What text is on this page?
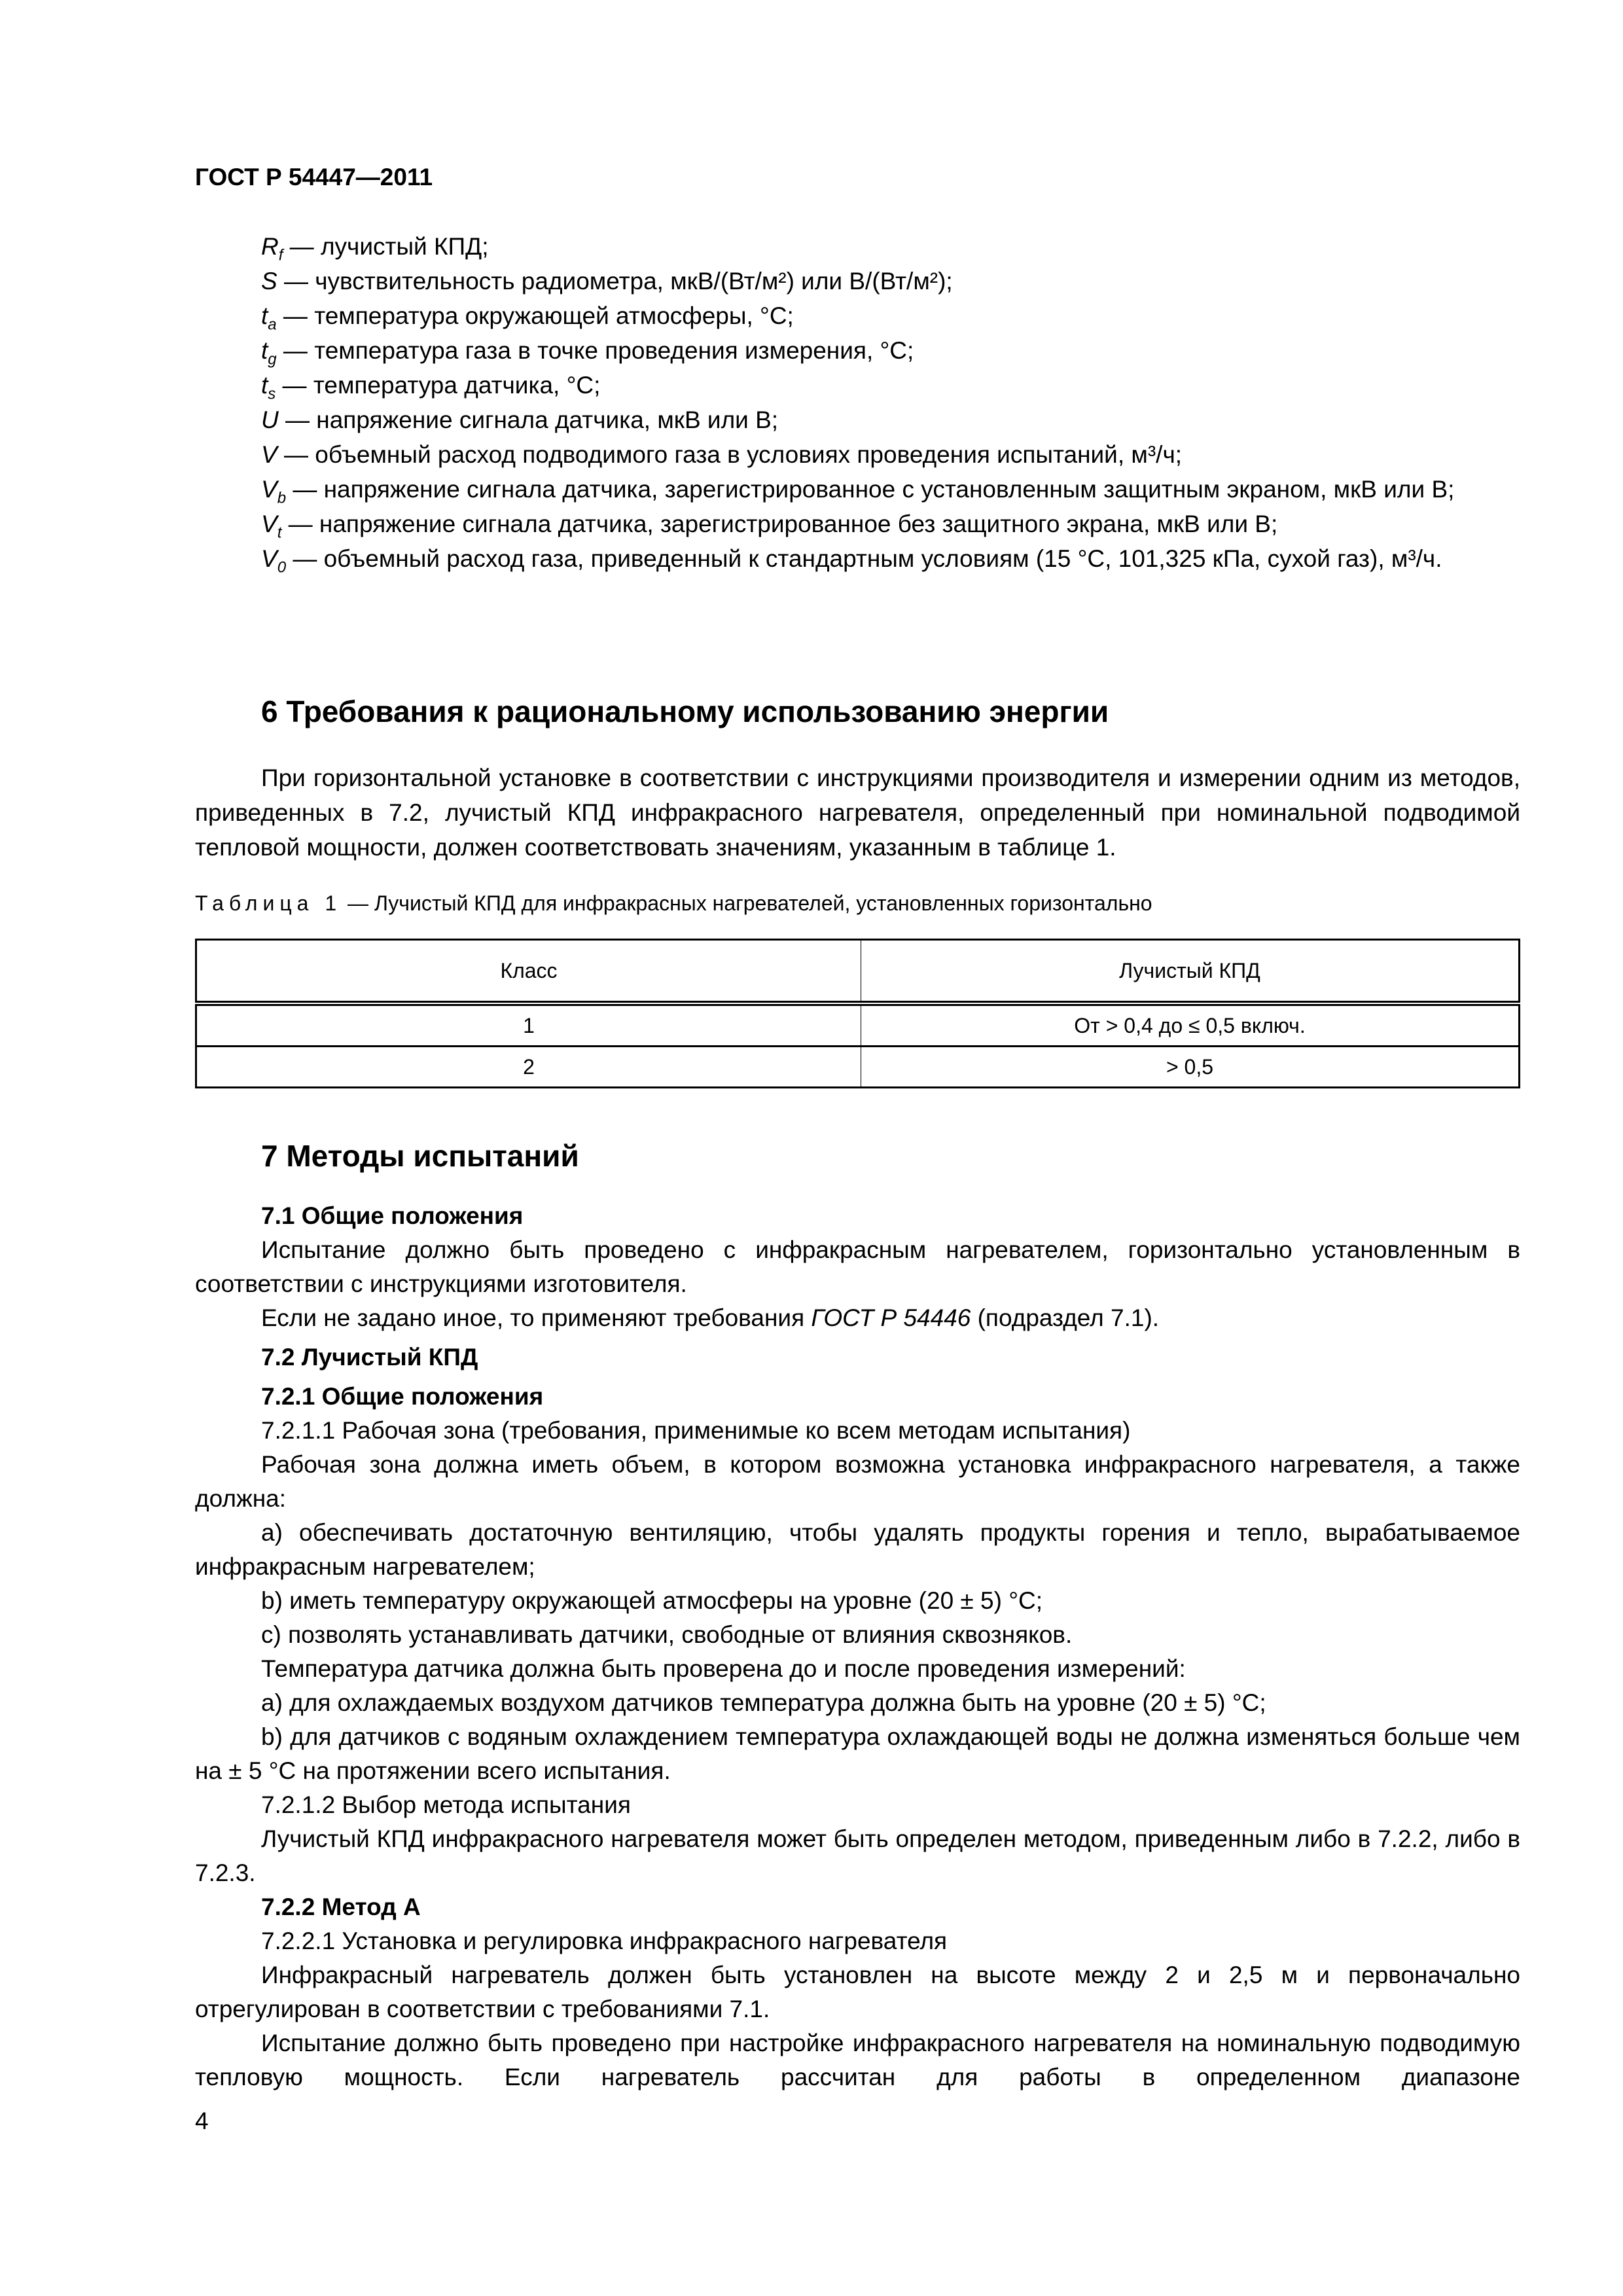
ГОСТ Р 54447—2011

$R_f$ — лучистый КПД;

S — чувствительность радиометра, мкВ/(Вт/м²) или В/(Вт/м²);

$t_a$ — температура окружающей атмосферы, °С;

$t_g$ — температура газа в точке проведения измерения, °С;

$t_s$ — температура датчика, °С;

U — напряжение сигнала датчика, мкВ или В;

V — объемный расход подводимого газа в условиях проведения испытаний, м³/ч;

$V_b$ — напряжение сигнала датчика, зарегистрированное с установленным защитным экраном, мкВ или В;

$V_t$ — напряжение сигнала датчика, зарегистрированное без защитного экрана, мкВ или В;

$V_0$ — объемный расход газа, приведенный к стандартным условиям (15 °С, 101,325 кПа, сухой газ), м³/ч.

6 Требования к рациональному использованию энергии

При горизонтальной установке в соответствии с инструкциями производителя и измерении одним из методов, приведенных в 7.2, лучистый КПД инфракрасного нагревателя, определенный при номинальной подводимой тепловой мощности, должен соответствовать значениям, указанным в таблице 1.

Таблица 1 — Лучистый КПД для инфракрасных нагревателей, установленных горизонтально
Класс	Лучистый КПД
1	От > 0,4 до ≤ 0,5 включ.
2	> 0,5
7 Методы испытаний
7.1 Общие положения

Испытание должно быть проведено с инфракрасным нагревателем, горизонтально установленным в соответствии с инструкциями изготовителя.

Если не задано иное, то применяют требования ГОСТ Р 54446 (подраздел 7.1).

7.2 Лучистый КПД
7.2.1 Общие положения

7.2.1.1 Рабочая зона (требования, применимые ко всем методам испытания)

Рабочая зона должна иметь объем, в котором возможна установка инфракрасного нагревателя, а также должна:

a) обеспечивать достаточную вентиляцию, чтобы удалять продукты горения и тепло, вырабатываемое инфракрасным нагревателем;

b) иметь температуру окружающей атмосферы на уровне (20 ± 5) °С;

c) позволять устанавливать датчики, свободные от влияния сквозняков.

Температура датчика должна быть проверена до и после проведения измерений:

a) для охлаждаемых воздухом датчиков температура должна быть на уровне (20 ± 5) °С;

b) для датчиков с водяным охлаждением температура охлаждающей воды не должна изменяться больше чем на ± 5 °С на протяжении всего испытания.

7.2.1.2 Выбор метода испытания

Лучистый КПД инфракрасного нагревателя может быть определен методом, приведенным либо в 7.2.2, либо в 7.2.3.

7.2.2 Метод А

7.2.2.1 Установка и регулировка инфракрасного нагревателя

Инфракрасный нагреватель должен быть установлен на высоте между 2 и 2,5 м и первоначально отрегулирован в соответствии с требованиями 7.1.

Испытание должно быть проведено при настройке инфракрасного нагревателя на номинальную подводимую тепловую мощность. Если нагреватель рассчитан для работы в определенном диапазоне

4
